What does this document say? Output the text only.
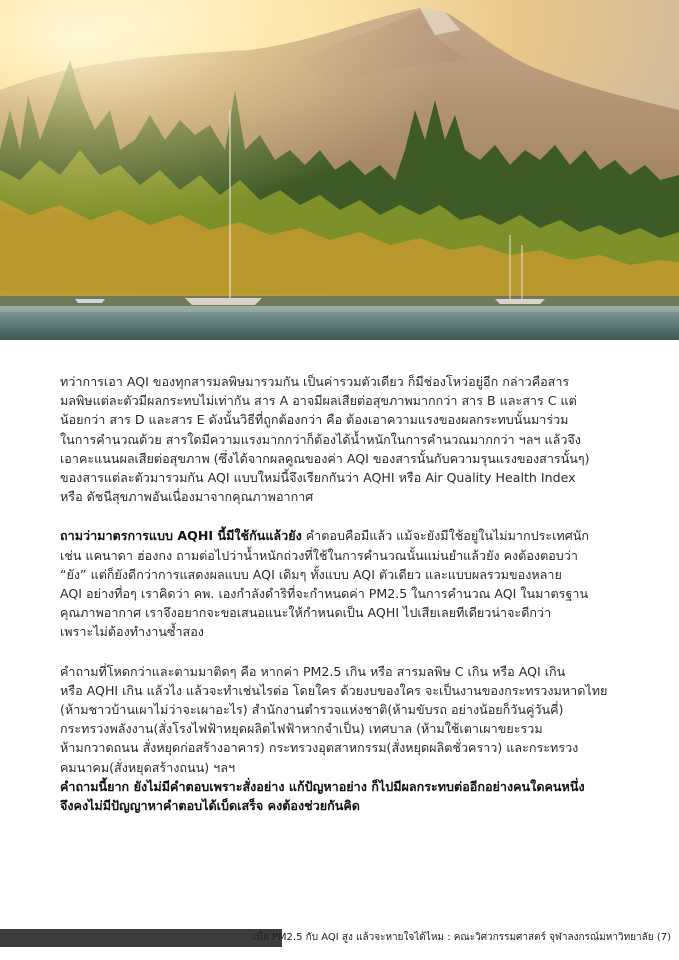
ทว่าการเอา AQI ของทุกสารมลพิษมารวมกัน เป็นค่ารวมตัวเดียว ก็มีช่องโหว่อยู่อีก กล่าวคือสาร
มลพิษแต่ละตัวมีผลกระทบไม่เท่ากัน สาร A อาจมีผลเสียต่อสุขภาพมากกว่า สาร B และสาร C แต่
น้อยกว่า สาร D และสาร E ดังนั้นวิธีที่ถูกต้องกว่า คือ ต้องเอาความแรงของผลกระทบนั้นมาร่วม
ในการคำนวณด้วย สารใดมีความแรงมากกว่าก็ต้องได้น้ำหนักในการคำนวณมากกว่า ฯลฯ แล้วจึง
เอาคะแนนผลเสียต่อสุขภาพ (ซึ่งได้จากผลคูณของค่า AQI ของสารนั้นกับความรุนแรงของสารนั้นๆ)
ของสารแต่ละตัวมารวมกัน AQI แบบใหม่นี้จึงเรียกกันว่า AQHI หรือ Air Quality Health Index
หรือ ดัชนีสุขภาพอันเนื่องมาจากคุณภาพอากาศ
ถามว่ามาตรการแบบ AQHI นี้มีใช้กันแล้วยัง คำตอบคือมีแล้ว แม้จะยังมีใช้อยู่ในไม่มากประเทศนัก
เช่น แคนาดา ฮ่องกง ถามต่อไปว่าน้ำหนักถ่วงที่ใช้ในการคำนวณนั้นแม่นยำแล้วยัง คงต้องตอบว่า
“ยัง” แต่ก็ยังดีกว่าการแสดงผลแบบ AQI เดิมๆ ทั้งแบบ AQI ตัวเดียว และแบบผลรวมของหลาย
AQI อย่างที่อๆ เราคิดว่า คพ. เองกำลังดำริที่จะกำหนดค่า PM2.5 ในการคำนวณ AQI ในมาตรฐาน
คุณภาพอากาศ เราจึงอยากจะขอเสนอแนะให้กำหนดเป็น AQHI ไปเสียเลยทีเดียวน่าจะดีกว่า
เพราะไม่ต้องทำงานซ้ำสอง
คำถามที่โหดกว่าและตามมาติดๆ คือ หากค่า PM2.5 เกิน หรือ สารมลพิษ C เกิน หรือ AQI เกิน
หรือ AQHI เกิน แล้วไง แล้วจะทำเช่นไรต่อ โดยใคร ด้วยงบของใคร จะเป็นงานของกระทรวงมหาดไทย
(ห้ามชาวบ้านเผาไม่ว่าจะเผาอะไร) สำนักงานตำรวจแห่งชาติ(ห้ามขับรถ อย่างน้อยก็วันคู่วันคี่)
กระทรวงพลังงาน(สั่งโรงไฟฟ้าหยุดผลิตไฟฟ้าหากจำเป็น) เทศบาล (ห้ามใช้เตาเผาขยะรวม
ห้ามกวาดถนน สั่งหยุดก่อสร้างอาคาร) กระทรวงอุตสาหกรรม(สั่งหยุดผลิตชั่วคราว) และกระทรวง
คมนาคม(สั่งหยุดสร้างถนน) ฯลฯ
คำถามนี้ยาก ยังไม่มีคำตอบเพราะสั่งอย่าง แก้ปัญหาอย่าง ก็ไปมีผลกระทบต่ออีกอย่างคนใดคนหนึ่ง
จึงคงไม่มีปัญญาหาคำตอบได้เบ็ดเสร็จ คงต้องช่วยกันคิด
เมื่อ PM2.5 กับ AQI สูง แล้วจะหายใจได้ไหม : คณะวิศวกรรมศาสตร์ จุฬาลงกรณ์มหาวิทยาลัย (7)
